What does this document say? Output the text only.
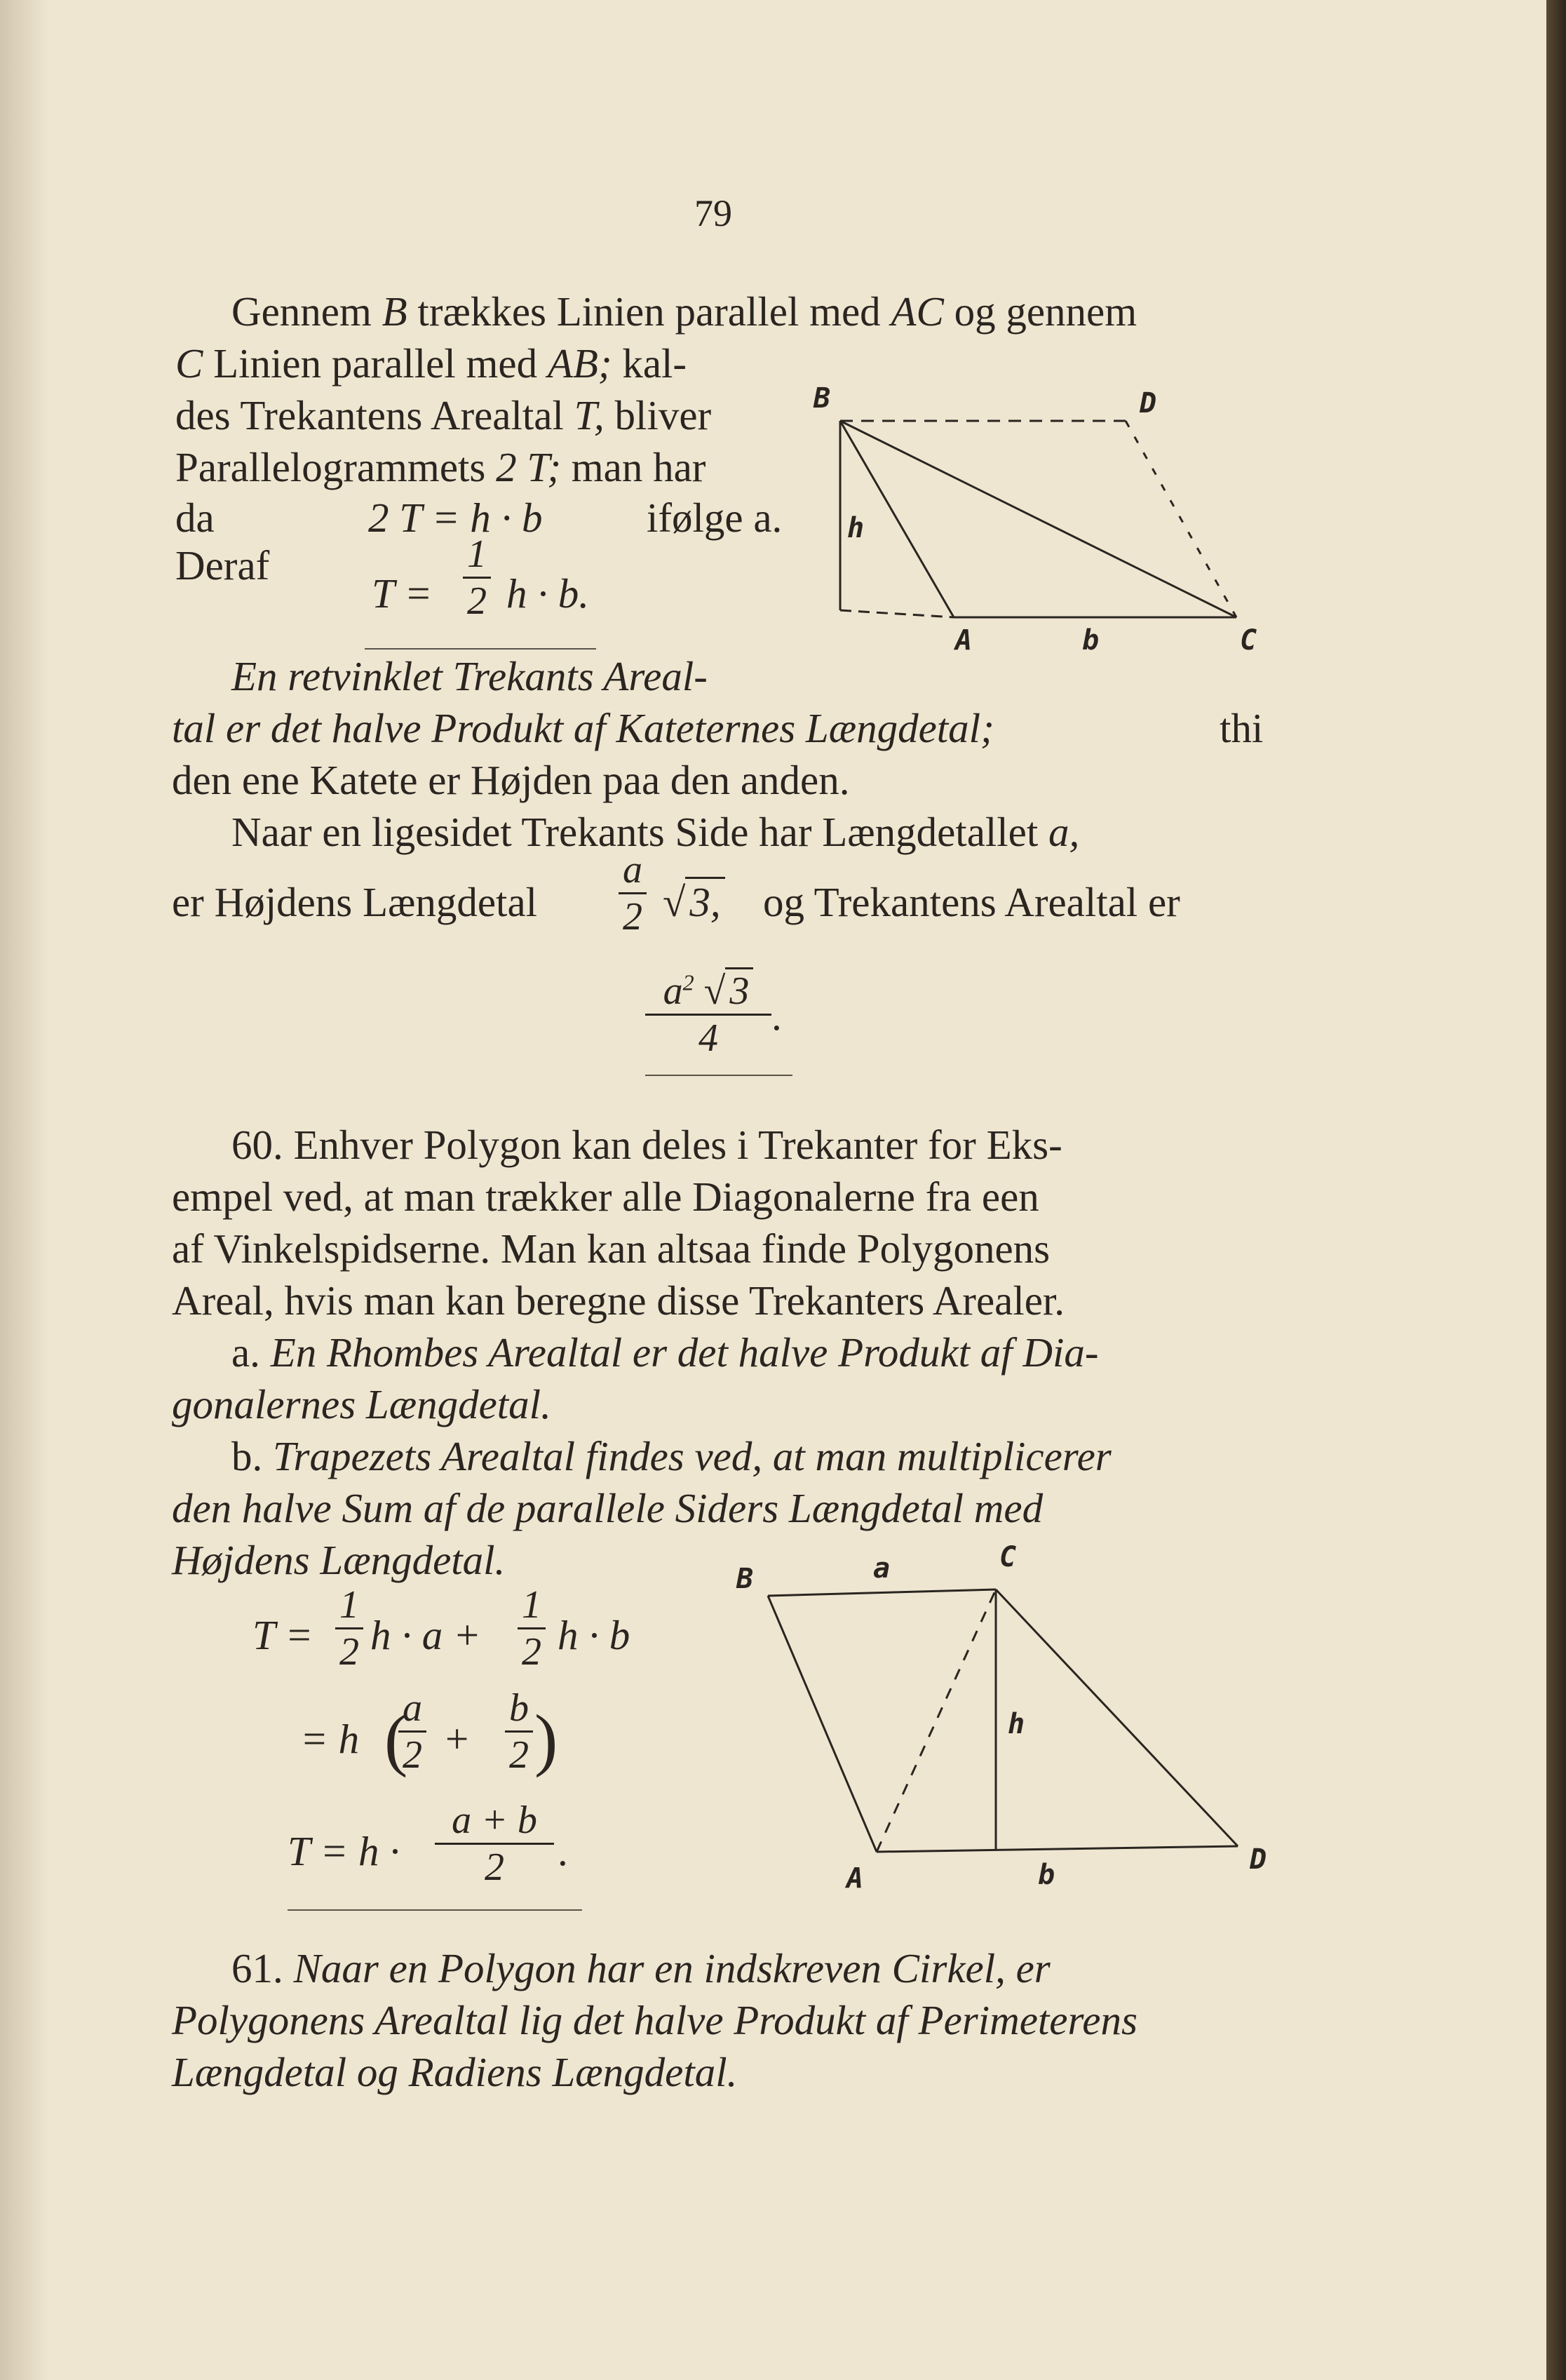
79
Gennem B trækkes Linien parallel med AC og gennem
C Linien parallel med AB; kal-
des Trekantens Arealtal T, bliver
Parallelogrammets 2 T; man har
da	2 T = h · b	ifølge a.
Deraf
T =
1
2 h · b.
B	D
h
A	b	C
En retvinklet Trekants Areal-
tal er det halve Produkt af Kateternes Længdetal;	thi
den ene Katete er Højden paa den anden.
Naar en ligesidet Trekants Side har Længdetallet a,
er Højdens Længdetal
a
2 √ 3, og Trekantens Arealtal er
$a^2$ √ 3
4	.
60. Enhver Polygon kan deles i Trekanter for Eks-
empel ved, at man trækker alle Diagonalerne fra een
af Vinkelspidserne. Man kan altsaa finde Polygonens
Areal, hvis man kan beregne disse Trekanters Arealer.
a. En Rhombes Arealtal er det halve Produkt af Dia-
gonalernes Længdetal.
b. Trapezets Arealtal findes ved, at man multiplicerer
den halve Sum af de parallele Siders Længdetal med
Højdens Længdetal.
T =
1
2 h · a +
1
2 h · b
= h (
a
2 +
b
2 )
T = h ·
a + b
2	.
B	a	C
h
A	b	D
61. Naar en Polygon har en indskreven Cirkel, er
Polygonens Arealtal lig det halve Produkt af Perimeterens
Længdetal og Radiens Længdetal.
